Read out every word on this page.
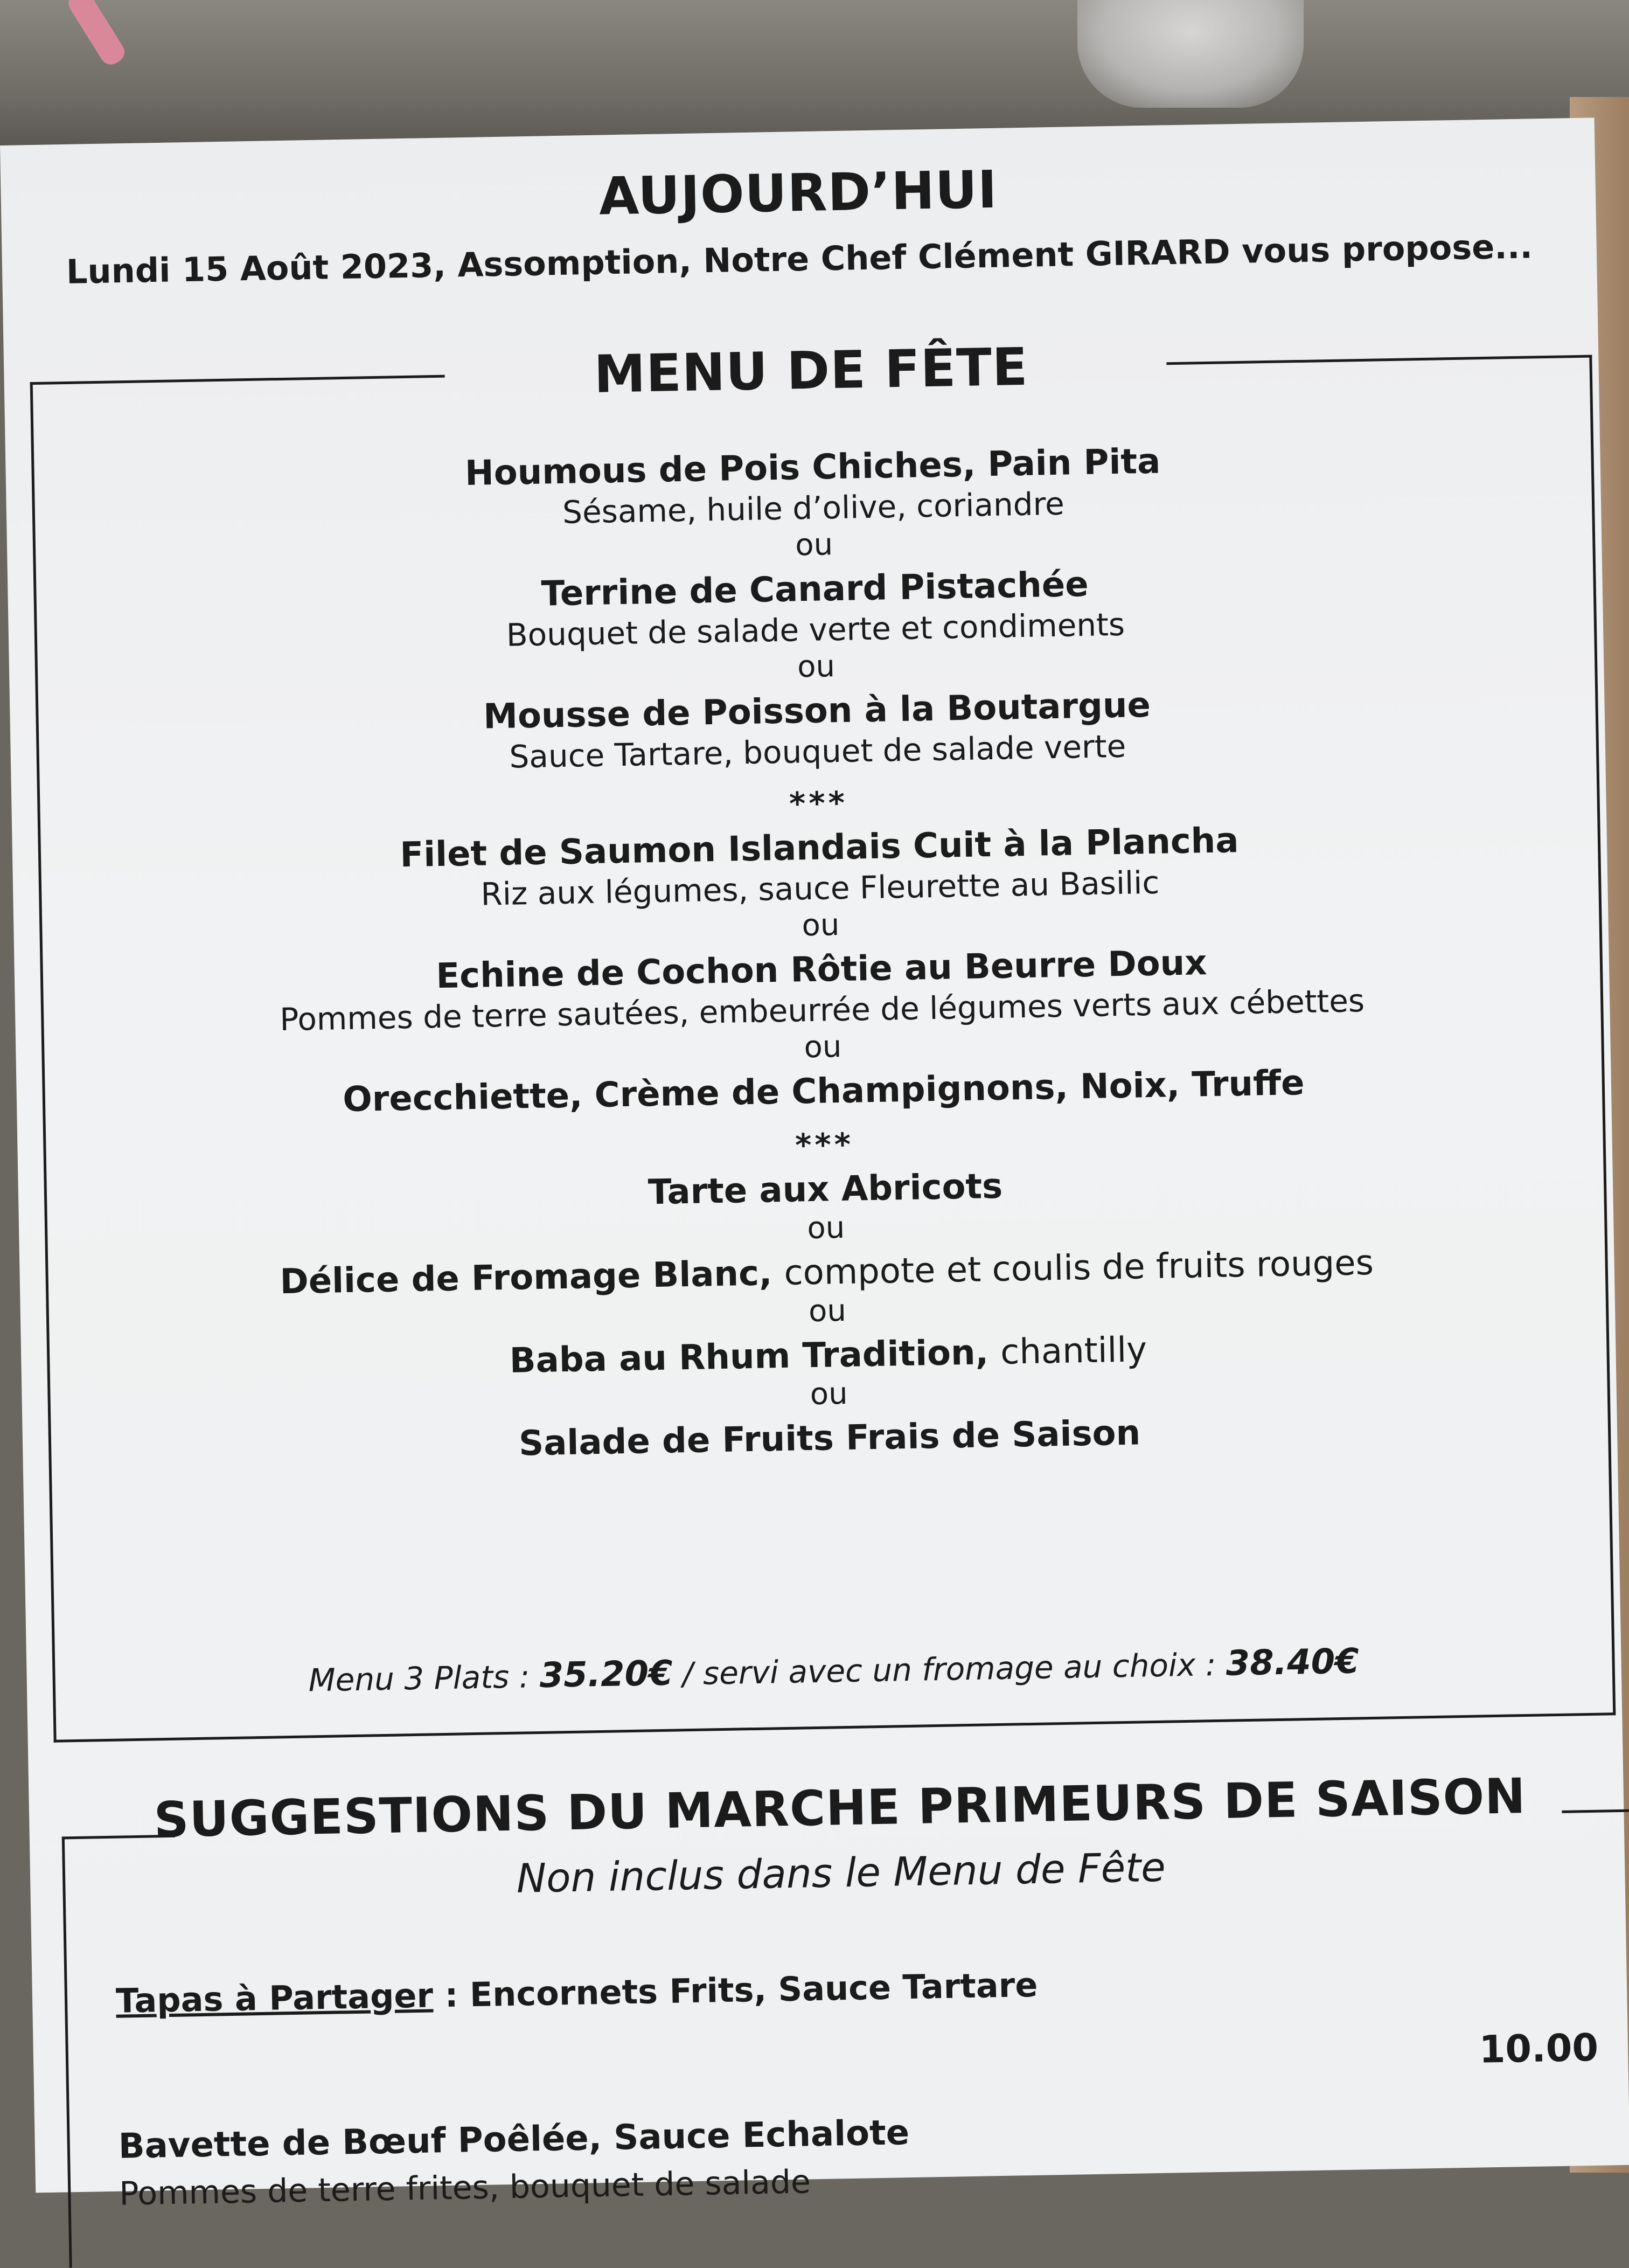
AUJOURD’HUI
Lundi 15 Août 2023, Assomption, Notre Chef Clément GIRARD vous propose...
MENU DE FÊTE
Houmous de Pois Chiches, Pain Pita
Sésame, huile d’olive, coriandre
ou
Terrine de Canard Pistachée
Bouquet de salade verte et condiments
ou
Mousse de Poisson à la Boutargue
Sauce Tartare, bouquet de salade verte
***
Filet de Saumon Islandais Cuit à la Plancha
Riz aux légumes, sauce Fleurette au Basilic
ou
Echine de Cochon Rôtie au Beurre Doux
Pommes de terre sautées, embeurrée de légumes verts aux cébettes
ou
Orecchiette, Crème de Champignons, Noix, Truffe
***
Tarte aux Abricots
ou
Délice de Fromage Blanc, compote et coulis de fruits rouges
ou
Baba au Rhum Tradition, chantilly
ou
Salade de Fruits Frais de Saison
Menu 3 Plats : 35.20€ / servi avec un fromage au choix : 38.40€
SUGGESTIONS DU MARCHE PRIMEURS DE SAISON
Non inclus dans le Menu de Fête
Tapas à Partager : Encornets Frits, Sauce Tartare
10.00
Bavette de Bœuf Poêlée, Sauce Echalote
Pommes de terre frites, bouquet de salade
